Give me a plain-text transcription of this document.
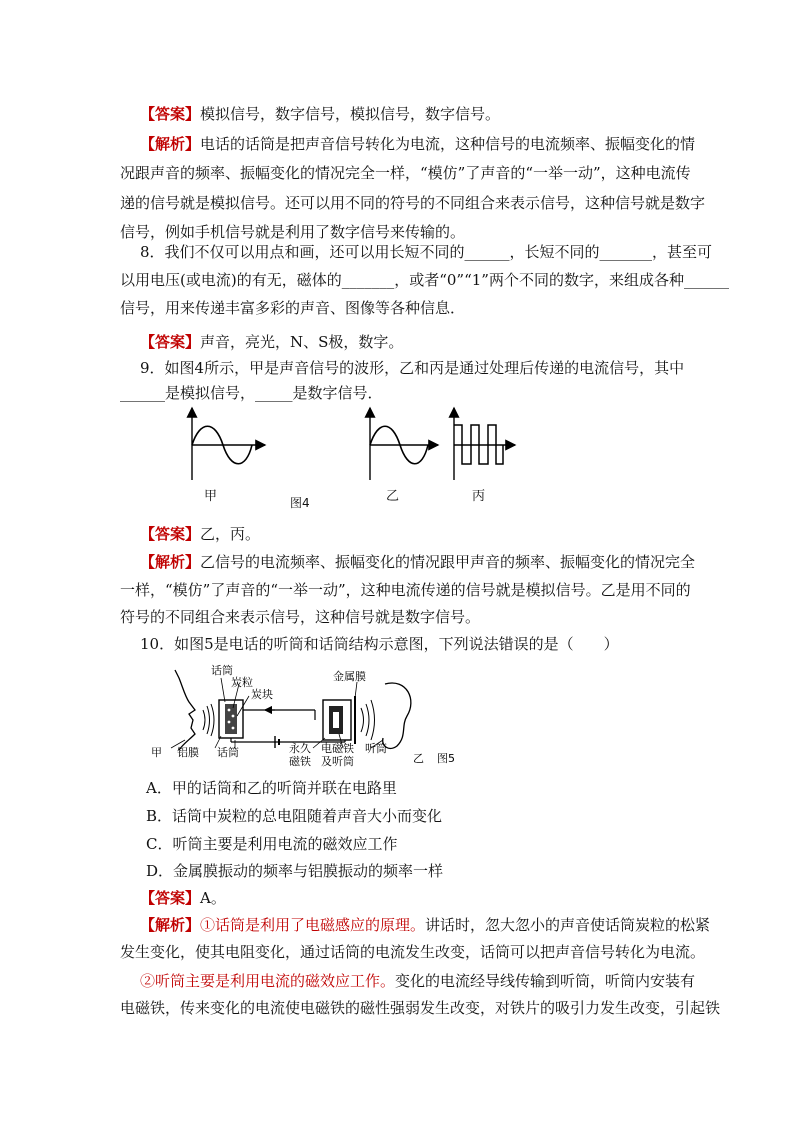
【答案】模拟信号，数字信号，模拟信号，数字信号。
【解析】电话的话筒是把声音信号转化为电流，这种信号的电流频率、振幅变化的情
况跟声音的频率、振幅变化的情况完全一样，“模仿”了声音的“一举一动”，这种电流传
递的信号就是模拟信号。还可以用不同的符号的不同组合来表示信号，这种信号就是数字
信号，例如手机信号就是利用了数字信号来传输的。
8．我们不仅可以用点和画，还可以用长短不同的______，长短不同的_______，甚至可
以用电压(或电流)的有无，磁体的_______，或者“0”“1”两个不同的数字，来组成各种______
信号，用来传递丰富多彩的声音、图像等各种信息．
【答案】声音，亮光，N、S极，数字。
9．如图4所示，甲是声音信号的波形，乙和丙是通过处理后传递的电流信号，其中
______是模拟信号，_____是数字信号．
甲	图4	乙	丙
【答案】乙，丙。
【解析】乙信号的电流频率、振幅变化的情况跟甲声音的频率、振幅变化的情况完全
一样，“模仿”了声音的“一举一动”，这种电流传递的信号就是模拟信号。乙是用不同的
符号的不同组合来表示信号，这种信号就是数字信号。
10．如图5是电话的听筒和话筒结构示意图，下列说法错误的是（　　）
话筒
炭粒
炭块
金属膜
甲 铝膜 话筒	永久
磁铁
电磁铁
及听筒
听筒
乙 图5
A．甲的话筒和乙的听筒并联在电路里
B．话筒中炭粒的总电阻随着声音大小而变化
C．听筒主要是利用电流的磁效应工作
D．金属膜振动的频率与铝膜振动的频率一样
【答案】A。
【解析】①话筒是利用了电磁感应的原理。讲话时，忽大忽小的声音使话筒炭粒的松紧
发生变化，使其电阻变化，通过话筒的电流发生改变，话筒可以把声音信号转化为电流。
②听筒主要是利用电流的磁效应工作。变化的电流经导线传输到听筒，听筒内安装有
电磁铁，传来变化的电流使电磁铁的磁性强弱发生改变，对铁片的吸引力发生改变，引起铁
